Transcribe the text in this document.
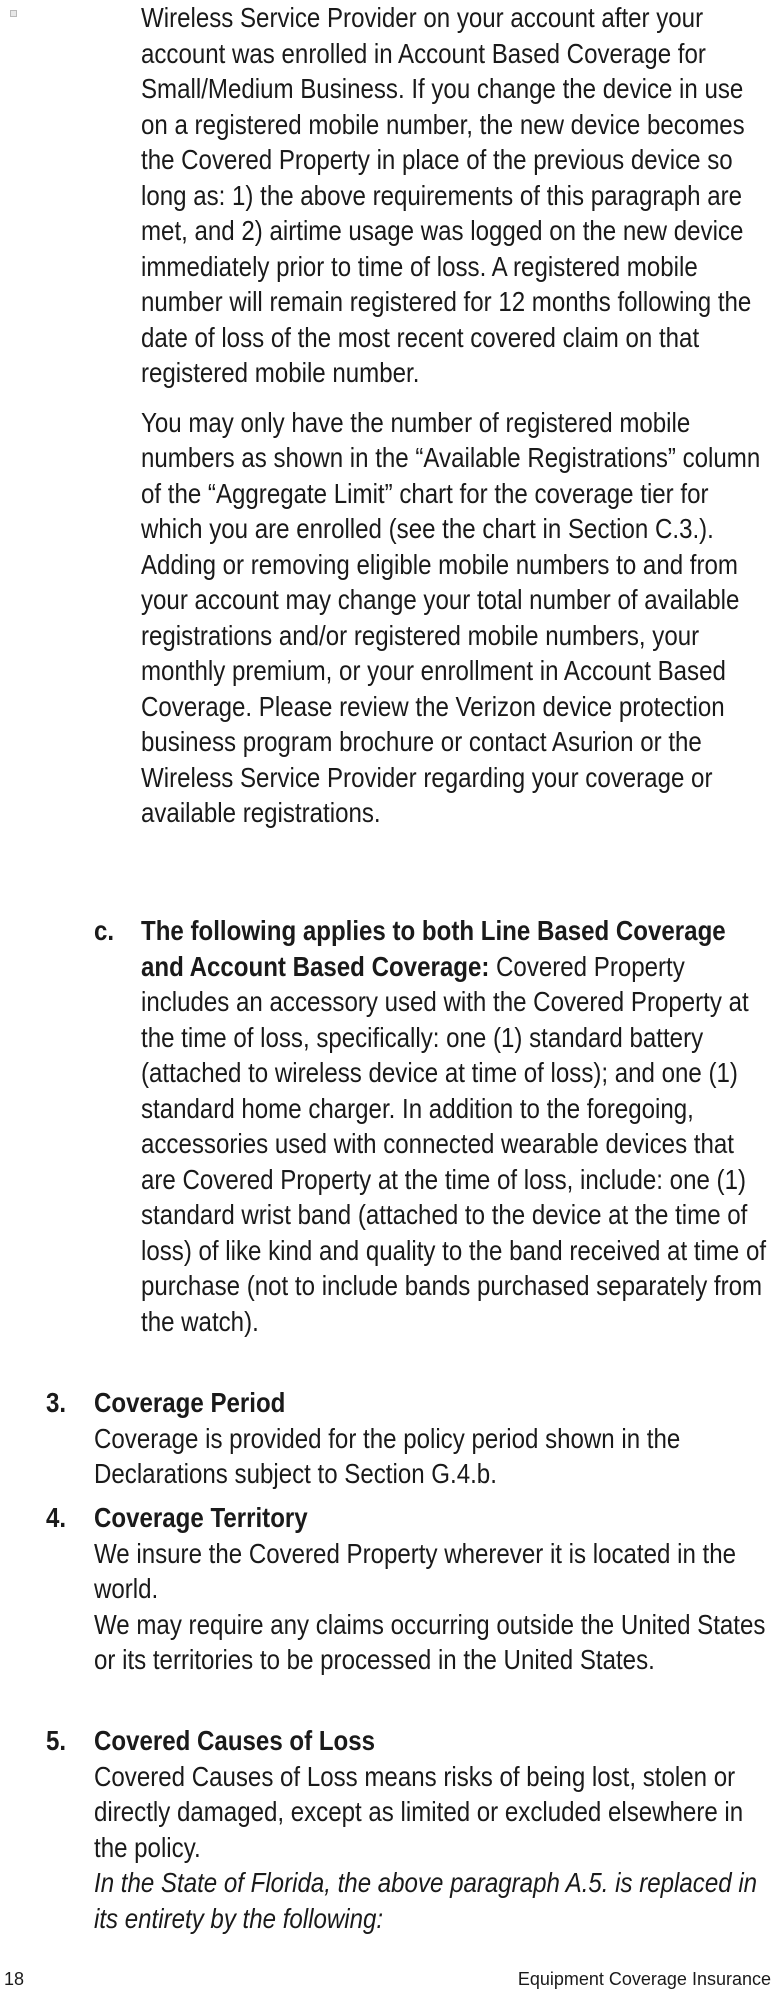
Wireless Service Provider on your account after your account was enrolled in Account Based Coverage for Small/Medium Business. If you change the device in use on a registered mobile number, the new device becomes the Covered Property in place of the previous device so long as: 1) the above requirements of this paragraph are met, and 2) airtime usage was logged on the new device immediately prior to time of loss. A registered mobile number will remain registered for 12 months following the date of loss of the most recent covered claim on that registered mobile number.

You may only have the number of registered mobile numbers as shown in the “Available Registrations” column of the “Aggregate Limit” chart for the coverage tier for which you are enrolled (see the chart in Section C.3.). Adding or removing eligible mobile numbers to and from your account may change your total number of available registrations and/or registered mobile numbers, your monthly premium, or your enrollment in Account Based Coverage. Please review the Verizon device protection business program brochure or contact Asurion or the Wireless Service Provider regarding your coverage or available registrations.

c. The following applies to both Line Based Coverage and Account Based Coverage: Covered Property includes an accessory used with the Covered Property at the time of loss, specifically: one (1) standard battery (attached to wireless device at time of loss); and one (1) standard home charger. In addition to the foregoing, accessories used with connected wearable devices that are Covered Property at the time of loss, include: one (1) standard wrist band (attached to the device at the time of loss) of like kind and quality to the band received at time of purchase (not to include bands purchased separately from the watch).
3. Coverage Period
Coverage is provided for the policy period shown in the Declarations subject to Section G.4.b.
4. Coverage Territory
We insure the Covered Property wherever it is located in the world.
We may require any claims occurring outside the United States or its territories to be processed in the United States.
5. Covered Causes of Loss
Covered Causes of Loss means risks of being lost, stolen or directly damaged, except as limited or excluded elsewhere in the policy.
In the State of Florida, the above paragraph A.5. is replaced in its entirety by the following:
18	Equipment Coverage Insurance
